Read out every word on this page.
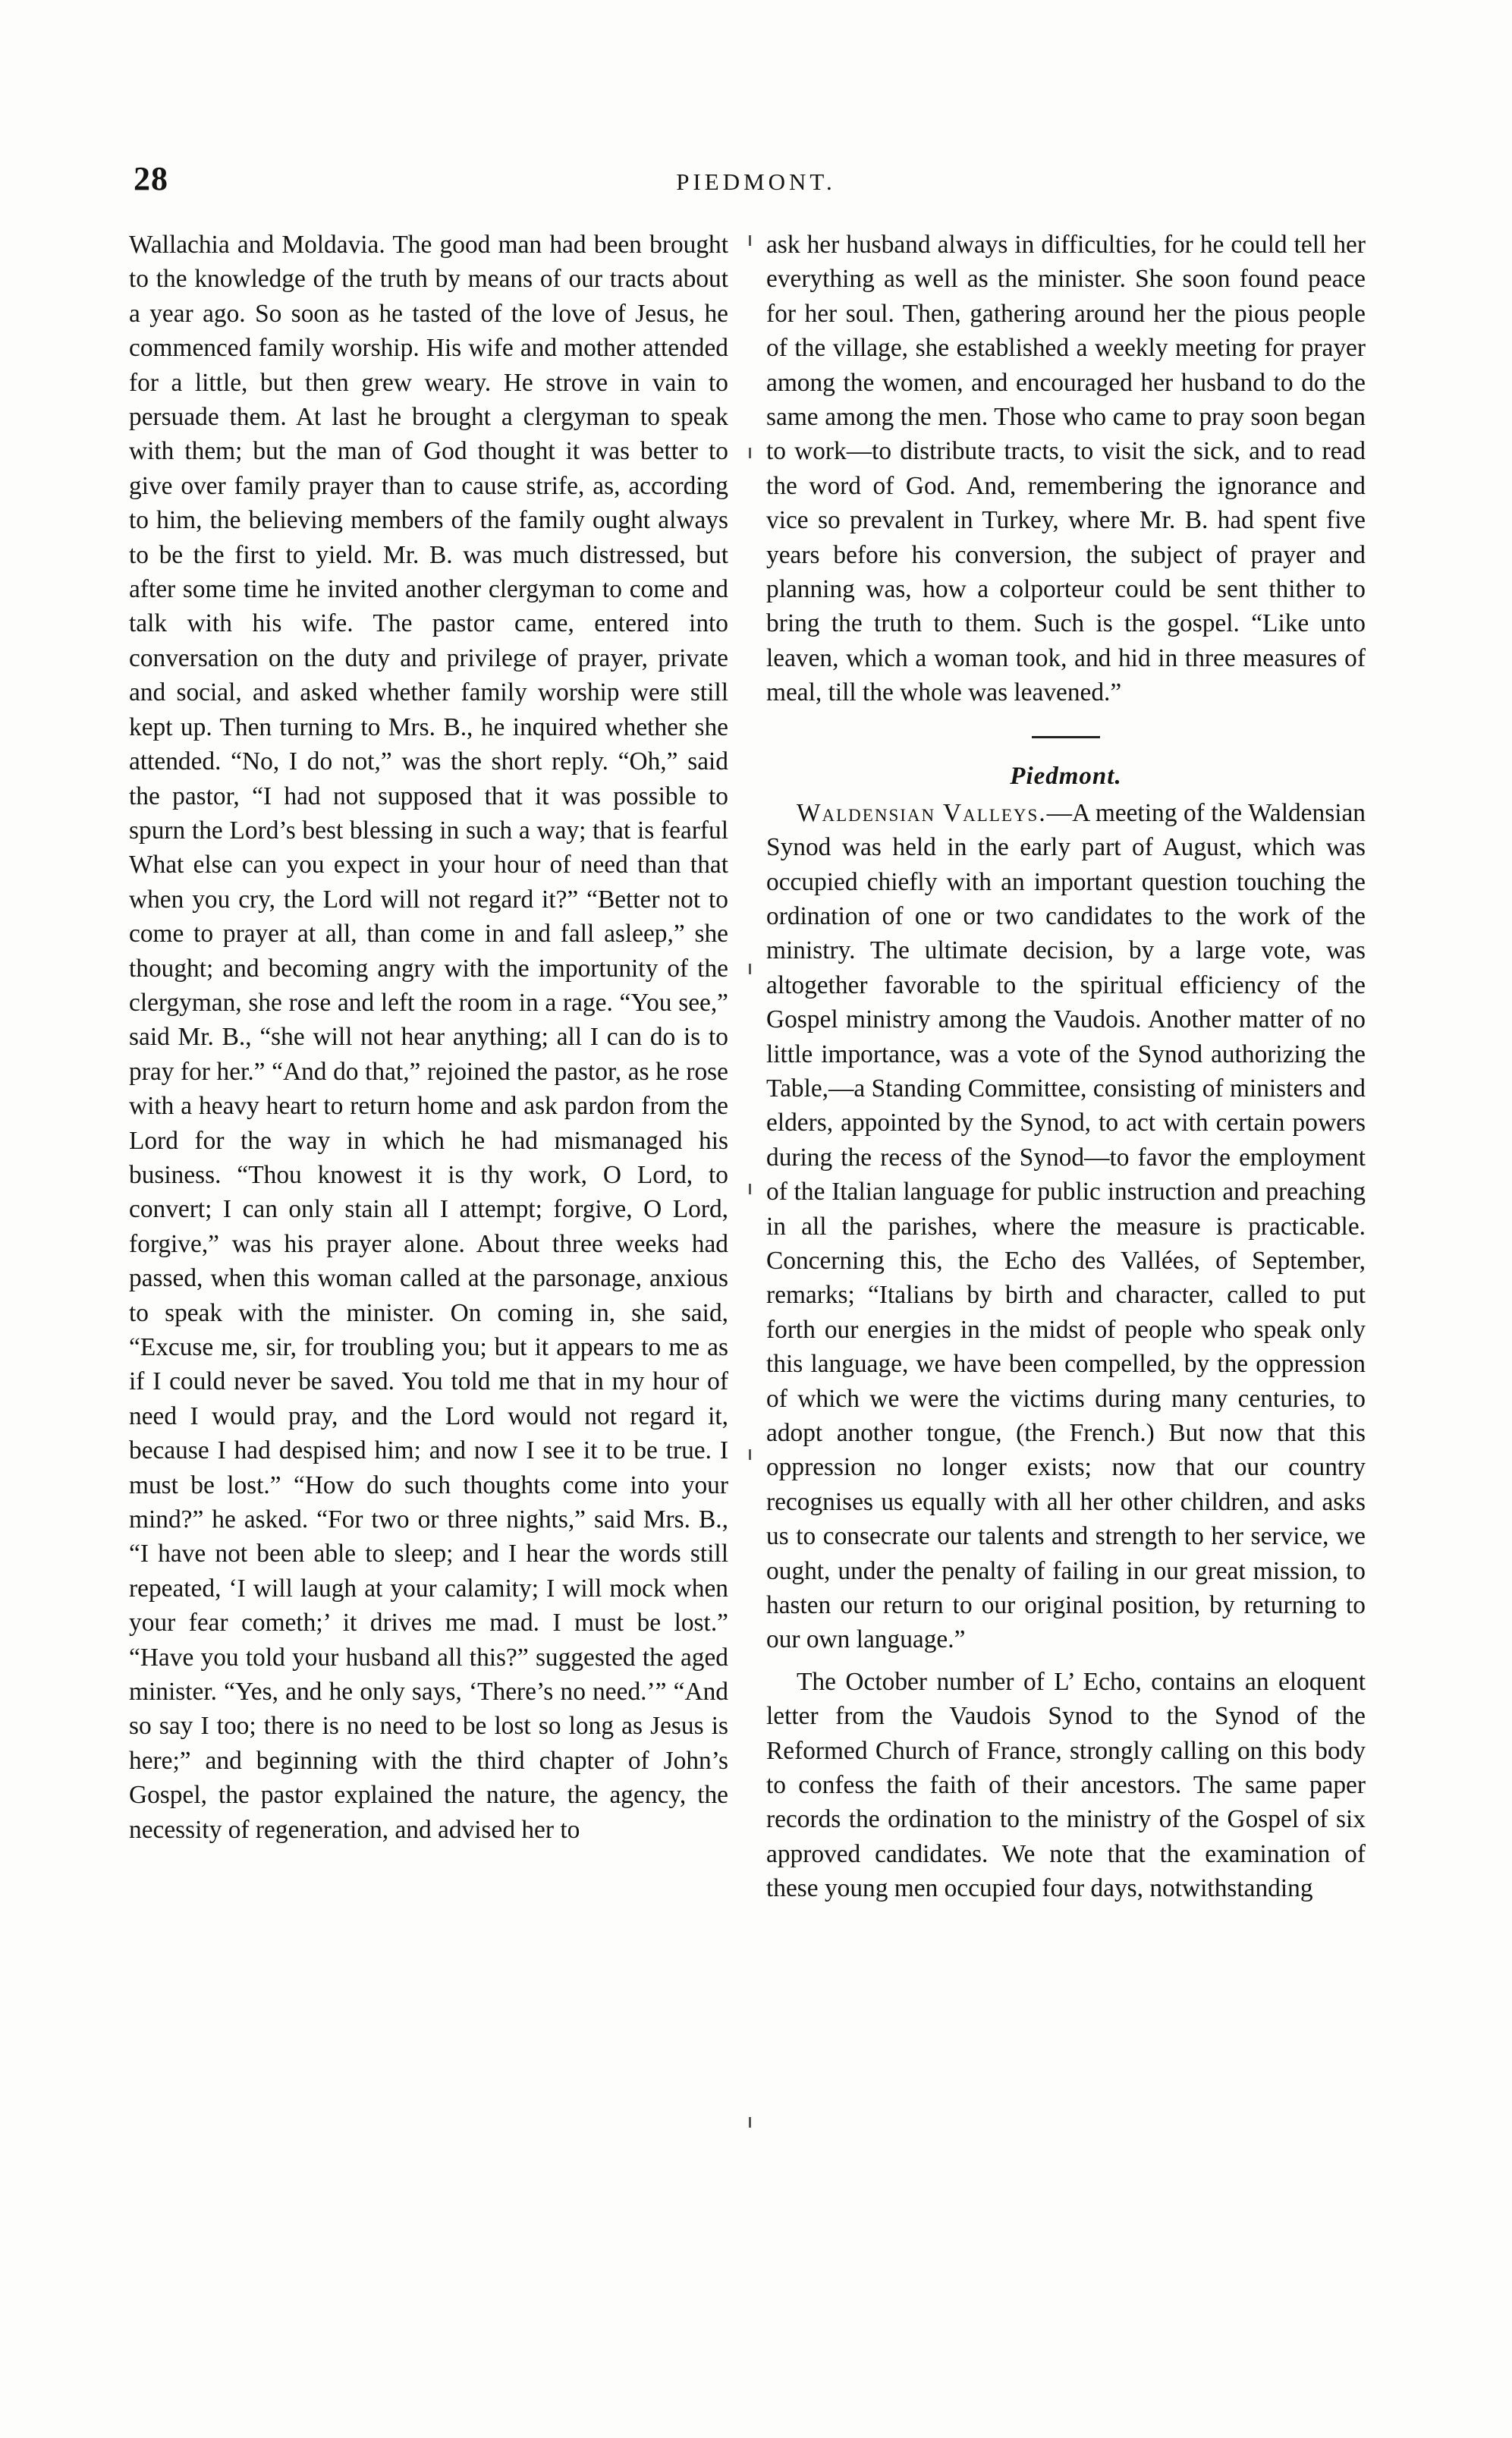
28	PIEDMONT.

Wallachia and Moldavia. The good man had been brought to the knowledge of the truth by means of our tracts about a year ago. So soon as he tasted of the love of Jesus, he commenced family worship. His wife and mother attended for a little, but then grew weary. He strove in vain to persuade them. At last he brought a clergyman to speak with them; but the man of God thought it was better to give over family prayer than to cause strife, as, according to him, the believing members of the family ought always to be the first to yield. Mr. B. was much distressed, but after some time he invited another clergyman to come and talk with his wife. The pastor came, entered into conversation on the duty and privilege of prayer, private and social, and asked whether family worship were still kept up. Then turning to Mrs. B., he inquired whether she attended. “No, I do not,” was the short reply. “Oh,” said the pastor, “I had not supposed that it was possible to spurn the Lord’s best blessing in such a way; that is fearful What else can you expect in your hour of need than that when you cry, the Lord will not regard it?” “Better not to come to prayer at all, than come in and fall asleep,” she thought; and becoming angry with the importunity of the clergyman, she rose and left the room in a rage. “You see,” said Mr. B., “she will not hear anything; all I can do is to pray for her.” “And do that,” rejoined the pastor, as he rose with a heavy heart to return home and ask pardon from the Lord for the way in which he had mismanaged his business. “Thou knowest it is thy work, O Lord, to convert; I can only stain all I attempt; forgive, O Lord, forgive,” was his prayer alone. About three weeks had passed, when this woman called at the parsonage, anxious to speak with the minister. On coming in, she said, “Excuse me, sir, for troubling you; but it appears to me as if I could never be saved. You told me that in my hour of need I would pray, and the Lord would not regard it, because I had despised him; and now I see it to be true. I must be lost.” “How do such thoughts come into your mind?” he asked. “For two or three nights,” said Mrs. B., “I have not been able to sleep; and I hear the words still repeated, ‘I will laugh at your calamity; I will mock when your fear cometh;’ it drives me mad. I must be lost.” “Have you told your husband all this?” suggested the aged minister. “Yes, and he only says, ‘There’s no need.’” “And so say I too; there is no need to be lost so long as Jesus is here;” and beginning with the third chapter of John’s Gospel, the pastor explained the nature, the agency, the necessity of regeneration, and advised her to

ask her husband always in difficulties, for he could tell her everything as well as the minister. She soon found peace for her soul. Then, gathering around her the pious people of the village, she established a weekly meeting for prayer among the women, and encouraged her husband to do the same among the men. Those who came to pray soon began to work—to distribute tracts, to visit the sick, and to read the word of God. And, remembering the ignorance and vice so prevalent in Turkey, where Mr. B. had spent five years before his conversion, the subject of prayer and planning was, how a colporteur could be sent thither to bring the truth to them. Such is the gospel. “Like unto leaven, which a woman took, and hid in three measures of meal, till the whole was leavened.”

Piedmont.

Waldensian Valleys.—A meeting of the Waldensian Synod was held in the early part of August, which was occupied chiefly with an important question touching the ordination of one or two candidates to the work of the ministry. The ultimate decision, by a large vote, was altogether favorable to the spiritual efficiency of the Gospel ministry among the Vaudois. Another matter of no little importance, was a vote of the Synod authorizing the Table,—a Standing Committee, consisting of ministers and elders, appointed by the Synod, to act with certain powers during the recess of the Synod—to favor the employment of the Italian language for public instruction and preaching in all the parishes, where the measure is practicable. Concerning this, the Echo des Vallées, of September, remarks; “Italians by birth and character, called to put forth our energies in the midst of people who speak only this language, we have been compelled, by the oppression of which we were the victims during many centuries, to adopt another tongue, (the French.) But now that this oppression no longer exists; now that our country recognises us equally with all her other children, and asks us to consecrate our talents and strength to her service, we ought, under the penalty of failing in our great mission, to hasten our return to our original position, by returning to our own language.”

The October number of L’ Echo, contains an eloquent letter from the Vaudois Synod to the Synod of the Reformed Church of France, strongly calling on this body to confess the faith of their ancestors. The same paper records the ordination to the ministry of the Gospel of six approved candidates. We note that the examination of these young men occupied four days, notwithstanding
